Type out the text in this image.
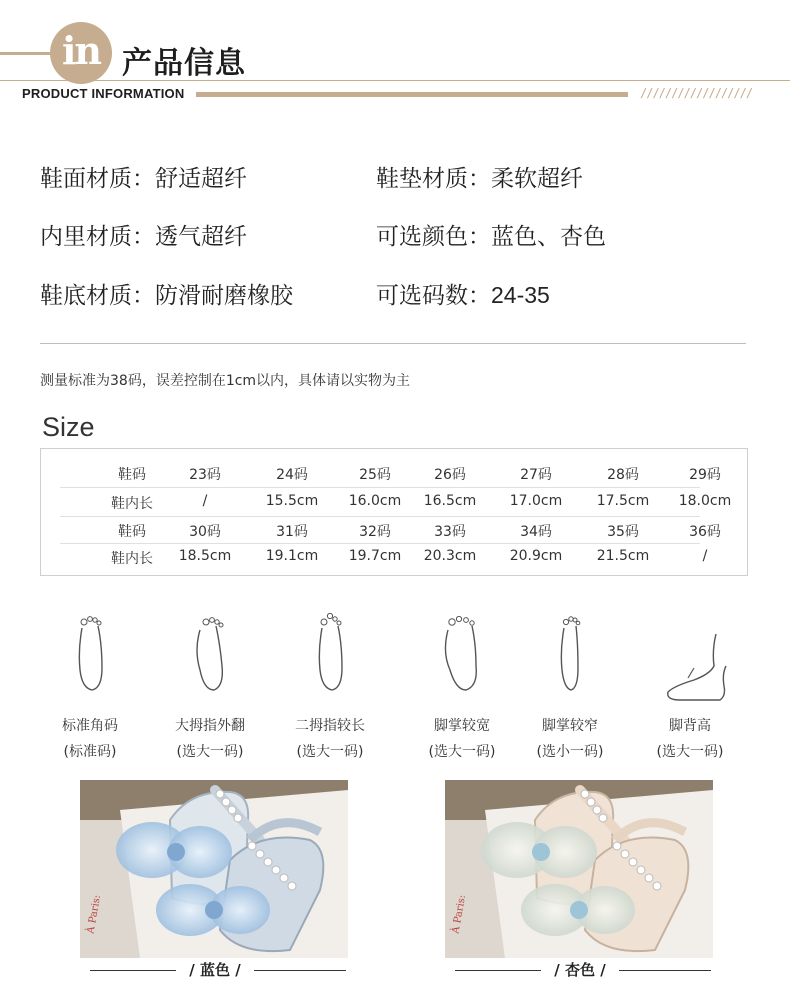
in 产品信息
PRODUCT INFORMATION	//////////////////
鞋面材质：舒适超纤	鞋垫材质：柔软超纤
内里材质：透气超纤	可选颜色：蓝色、杏色
鞋底材质：防滑耐磨橡胶	可选码数：24-35
测量标准为38码，误差控制在1cm以内，具体请以实物为主
Size
鞋码	23码	24码	25码	26码	27码	28码	29码
鞋内长	/	15.5cm	16.0cm	16.5cm	17.0cm	17.5cm	18.0cm
鞋码	30码	31码	32码	33码	34码	35码	36码
鞋内长	18.5cm	19.1cm	19.7cm	20.3cm	20.9cm	21.5cm	/
标准角码
(标准码)
大拇指外翻
(选大一码)
二拇指较长
(选大一码)
脚掌较宽
(选大一码)
脚掌较窄
(选小一码)
脚背高
(选大一码)
À Paris:	À Paris:
/ 蓝色 /	/ 杏色 /
